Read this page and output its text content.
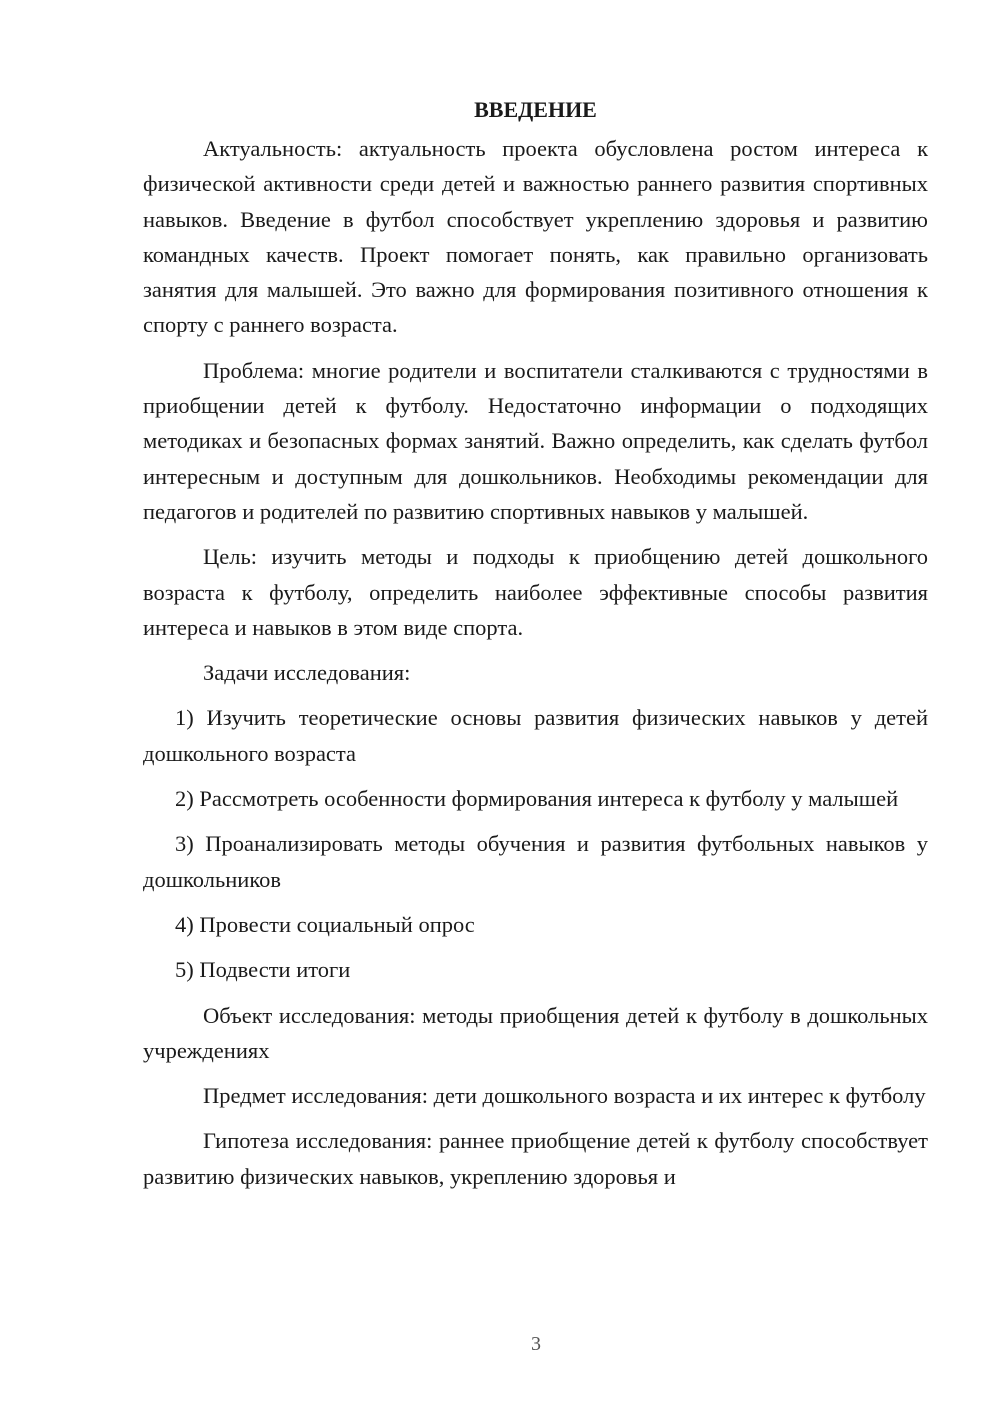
ВВЕДЕНИЕ

Актуальность: актуальность проекта обусловлена ростом интереса к физической активности среди детей и важностью раннего развития спортивных навыков. Введение в футбол способствует укреплению здоровья и развитию командных качеств. Проект помогает понять, как правильно организовать занятия для малышей. Это важно для формирования позитивного отношения к спорту с раннего возраста.

Проблема: многие родители и воспитатели сталкиваются с трудностями в приобщении детей к футболу. Недостаточно информации о подходящих методиках и безопасных формах занятий. Важно определить, как сделать футбол интересным и доступным для дошкольников. Необходимы рекомендации для педагогов и родителей по развитию спортивных навыков у малышей.

Цель: изучить методы и подходы к приобщению детей дошкольного возраста к футболу, определить наиболее эффективные способы развития интереса и навыков в этом виде спорта.

Задачи исследования:

1) Изучить теоретические основы развития физических навыков у детей дошкольного возраста

2) Рассмотреть особенности формирования интереса к футболу у малышей

3) Проанализировать методы обучения и развития футбольных навыков у дошкольников

4) Провести социальный опрос

5) Подвести итоги

Объект исследования: методы приобщения детей к футболу в дошкольных учреждениях

Предмет исследования: дети дошкольного возраста и их интерес к футболу

Гипотеза исследования: раннее приобщение детей к футболу способствует развитию физических навыков, укреплению здоровья и

3
